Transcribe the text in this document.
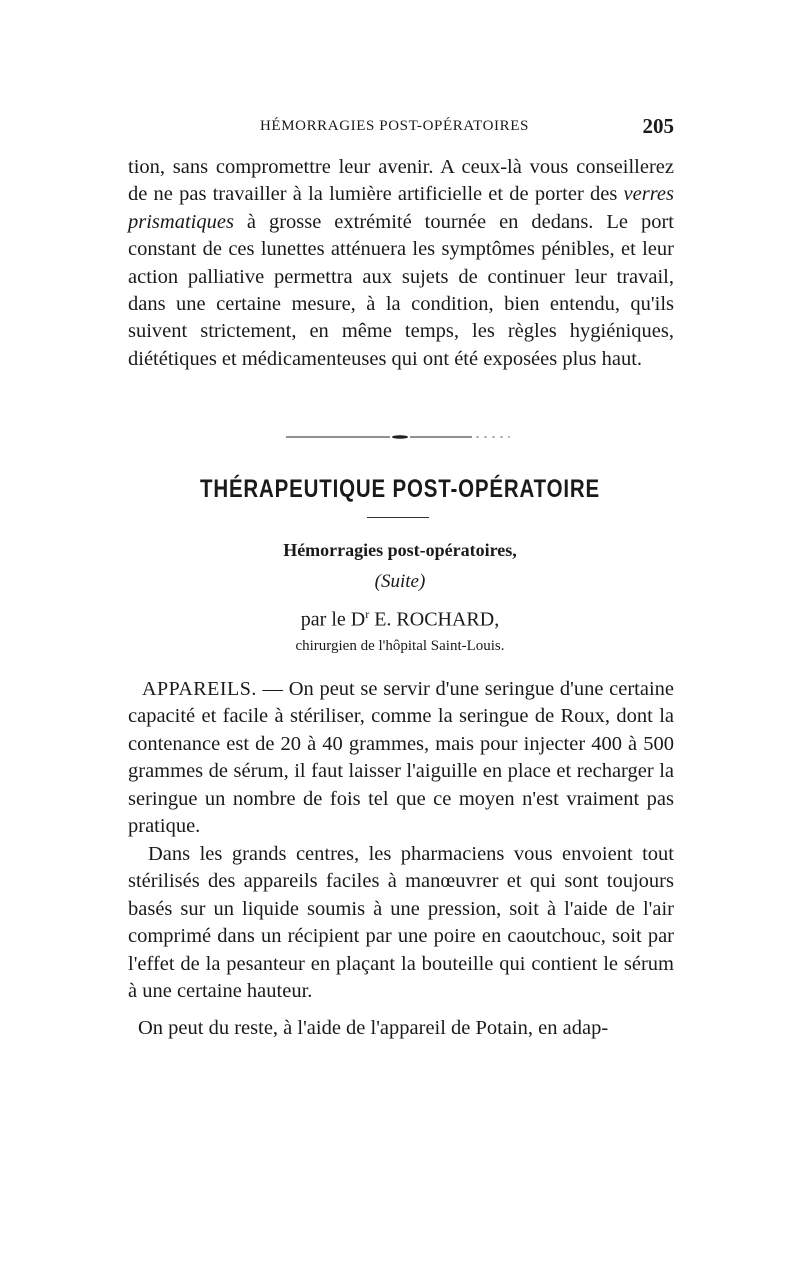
HÉMORRAGIES POST-OPÉRATOIRES	205

tion, sans compromettre leur avenir. A ceux-là vous conseillerez de ne pas travailler à la lumière artificielle et de porter des verres prismatiques à grosse extrémité tournée en dedans. Le port constant de ces lunettes atténuera les symptômes pénibles, et leur action palliative permettra aux sujets de continuer leur travail, dans une certaine mesure, à la condition, bien entendu, qu'ils suivent strictement, en même temps, les règles hygiéniques, diététiques et médicamenteuses qui ont été exposées plus haut.

THÉRAPEUTIQUE POST-OPÉRATOIRE
Hémorragies post-opératoires,
(Suite)
par le $D^r$ E. ROCHARD,
chirurgien de l'hôpital Saint-Louis.

APPAREILS. — On peut se servir d'une seringue d'une certaine capacité et facile à stériliser, comme la seringue de Roux, dont la contenance est de 20 à 40 grammes, mais pour injecter 400 à 500 grammes de sérum, il faut laisser l'aiguille en place et recharger la seringue un nombre de fois tel que ce moyen n'est vraiment pas pratique.

Dans les grands centres, les pharmaciens vous envoient tout stérilisés des appareils faciles à manœuvrer et qui sont toujours basés sur un liquide soumis à une pression, soit à l'aide de l'air comprimé dans un récipient par une poire en caoutchouc, soit par l'effet de la pesanteur en plaçant la bouteille qui contient le sérum à une certaine hauteur.

On peut du reste, à l'aide de l'appareil de Potain, en adap-
